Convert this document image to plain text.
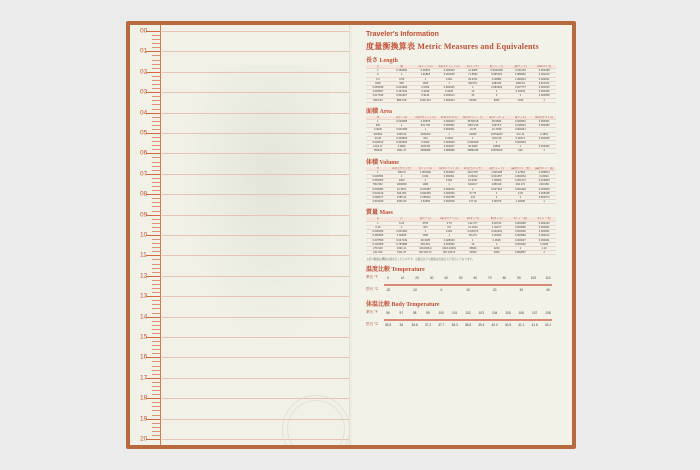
00
01
02
03
04
05
06
07
08
09
10
11
12
13
14
15
16
17
18
19
20
Traveler's Information
度量衡換算表 Metric Measures and Equivalents
長さ Length
尺	間	m(メートル)	km(キロメートル)	in(インチ)	ft(フィート)	yd(ヤード)	mile(マイル)
1	0.166666	0.30303	0.000303	11.9305	0.9941939	0.331403	0.000188
6	1	1.81818	0.001818	71.5832	5.965163	1.988462	0.001129
3.3	0.55	1	0.001	39.3701	3.28084	1.093613	0.000621
3300	550	1000	1	39370.1	3280.84	1093.61	0.621371
0.083818	0.013969	0.0254	0.000025	1	0.083333	0.027777	0.000015
1.005847	0.167642	0.3048	0.0003	12	1	0.33333	0.000189
3.017543	0.502927	0.9144	0.000914	36	3	1	0.000568
5310.83	885.139	1609.344	1.609344	63360	5280	1760	1
面積 Area
坪	a(アール)	m²(平方メートル)	km²(平方キロ)	ft²(平方フィート)	ac(エーカー)	a(アール)	mi²(平方マイル)
1	0.033058	3.30578	0.000003	35.58318	35.5834	0.000816	0.000001
300	1	991.736	0.000991	10674.95	10675.3	0.245031	0.000383
0.3025	0.001008	1	0.000001	10.76	10.7639	0.000247	-
302500	1008.33	1000000	1	10000	10764263	247.11	0.3861
30.25	0.100833	100	0.0001	1	1076.39	0.02471	0.000038
0.028102	0.000093	0.0929	0.000000	0.000929	1	0.000023	-
1224.17	4.0806	4046.86	0.004047	40.4686	43560	1	0.001562
783443	2611.47	2589988	2.589988	25899.88	27878400	640	1
体積 Volume
升	cm³(立方センチ)	ℓ(リットル)	kℓ(キロリットル)	in³(立方インチ)	qt(クォート)	gal(ガロン・米)	gal(ガロン・英)
1	1803.9	1.803906	0.001803	110.0787	1.906168	0.47654	0.396814
0.000554	1	0.001	0.000001	0.06102	0.001057	0.000264	0.00022
0.554352	1000	1	0.001	61.0237	1.05669	0.264172	0.219969
554.352	1000000	1000	1	61023.7	1056.69	264.172	219.969
0.009084	16.3871	0.016387	0.000016	1	0.017316	0.004329	0.003605
0.524619	946.353	0.946353	0.000946	57.75	1	0.25	0.208168
2.098477	3785.41	3.785411	0.003785	231	4	1	0.832674
2.520189	4546.09	4.54609	0.004546	277.42	4.80376	1.20095	1
質量 Mass
貫	斤	g(グラム)	kg(キログラム)	oz(オンス)	lb(ポンド)	t(トン・英)	t(トン・米)
1	6.25	3750	3.75	132.277	8.26732	0.003690	0.004133
0.16	1	600	0.6	21.1643	1.32277	0.000590	0.000661
0.000266	0.001666	1	0.001	0.035274	0.002204	0.000000	0.000001
0.266666	1.66666	1000	1	35.274	2.20462	0.000984	0.001102
0.007559	0.047249	28.3495	0.028349	1	0.0625	0.000027	0.000031
0.120958	0.755988	453.592	0.453592	16	1	0.000446	0.0005
270.946	1693.41	1016046.9	1016.04691	35840	2240	1	1.12
241.916	1511.97	907184.74	907.18474	32000	2000	0.892857	1
上記の数値は概数の値を示したものです。小数点以下の数値は四捨五入で表示しております。
温度比較 Temperature
華氏 °F
摂氏 °C
0	10	20	30	40	50	60	70	80	90	100	110
-20	-10	0	10	20	30	40
体温比較 Body Temperature
華氏 °F
摂氏 °C
96	97	98	99	100	101	102	103	104	105	106	107	108
35.5	36	36.6 37.2 37.7 38.3 38.8 39.4 40.0 40.5 41.1 41.6 42.2
